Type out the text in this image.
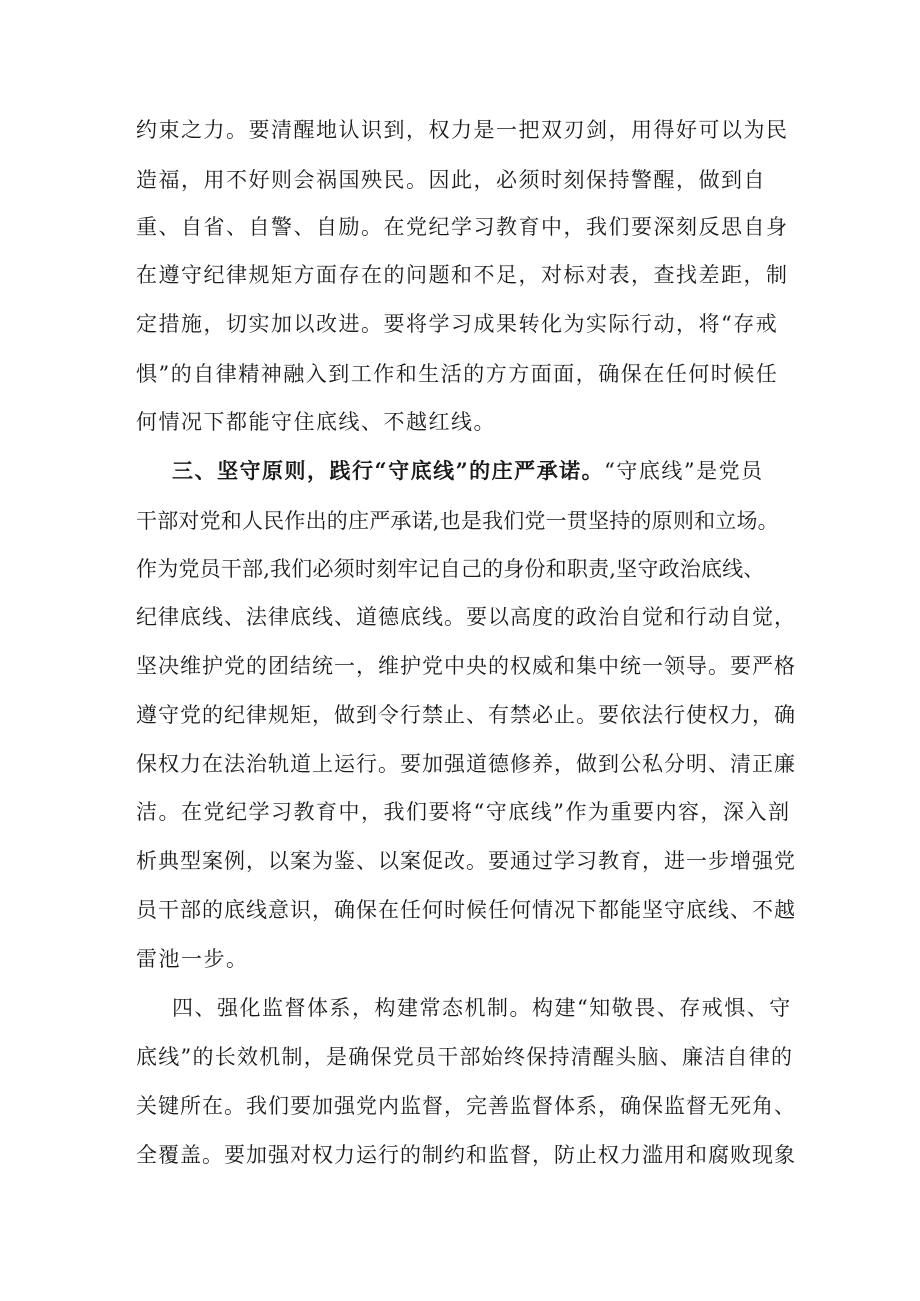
约束之力。要清醒地认识到，权力是一把双刃剑，用得好可以为民
造福，用不好则会祸国殃民。因此，必须时刻保持警醒，做到自
重、自省、自警、自励。在党纪学习教育中，我们要深刻反思自身
在遵守纪律规矩方面存在的问题和不足，对标对表，查找差距，制
定措施，切实加以改进。要将学习成果转化为实际行动，将“存戒
惧”的自律精神融入到工作和生活的方方面面，确保在任何时候任
何情况下都能守住底线、不越红线。
三、坚守原则，践行“守底线”的庄严承诺。“守底线”是党员
干部对党和人民作出的庄严承诺,也是我们党一贯坚持的原则和立场。
作为党员干部,我们必须时刻牢记自己的身份和职责,坚守政治底线、
纪律底线、法律底线、道德底线。要以高度的政治自觉和行动自觉，
坚决维护党的团结统一，维护党中央的权威和集中统一领导。要严格
遵守党的纪律规矩，做到令行禁止、有禁必止。要依法行使权力，确
保权力在法治轨道上运行。要加强道德修养，做到公私分明、清正廉
洁。在党纪学习教育中，我们要将“守底线”作为重要内容，深入剖
析典型案例，以案为鉴、以案促改。要通过学习教育，进一步增强党
员干部的底线意识，确保在任何时候任何情况下都能坚守底线、不越
雷池一步。
四、强化监督体系，构建常态机制。构建“知敬畏、存戒惧、守
底线”的长效机制，是确保党员干部始终保持清醒头脑、廉洁自律的
关键所在。我们要加强党内监督，完善监督体系，确保监督无死角、
全覆盖。要加强对权力运行的制约和监督，防止权力滥用和腐败现象
